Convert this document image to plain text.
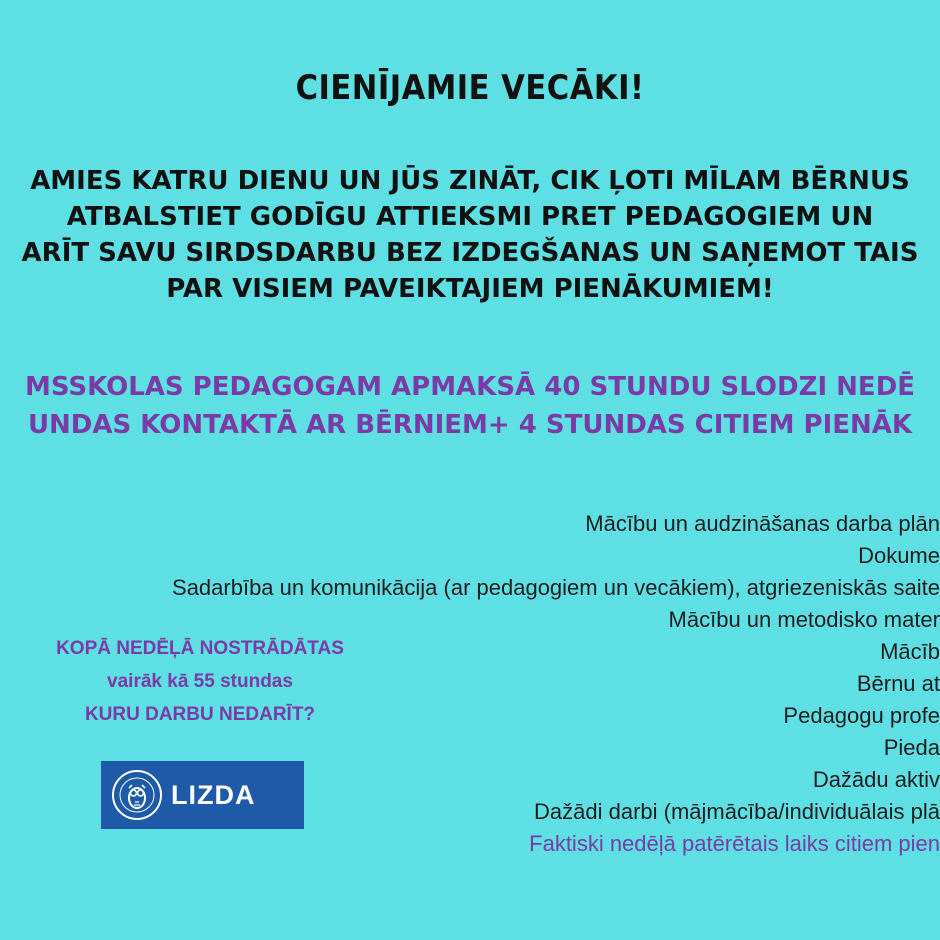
CIENĪJAMIE VECĀKI!
AMIES KATRU DIENU UN JŪS ZINĀT, CIK ĻOTI MĪLAM BĒRNUS
ATBALSTIET GODĪGU ATTIEKSMI PRET PEDAGOGIEM UN
ARĪT SAVU SIRDSDARBU BEZ IZDEGŠANAS UN SAŅEMOT TAIS
PAR VISIEM PAVEIKTAJIEM PIENĀKUMIEM!
MSSKOLAS PEDAGOGAM APMAKSĀ 40 STUNDU SLODZI NEDĒ
UNDAS KONTAKTĀ AR BĒRNIEM+ 4 STUNDAS CITIEM PIENĀK
Mācību un audzināšanas darba plān
Dokume
Sadarbība un komunikācija (ar pedagogiem un vecākiem), atgriezeniskās saite
Mācību un metodisko mater
Mācīb
Bērnu at
Pedagogu profe
Pieda
Dažādu aktiv
Dažādi darbi (mājmācība/individuālais plā
Faktiski nedēļā patērētais laiks citiem pien
KOPĀ NEDĒĻĀ NOSTRĀDĀTAS
vairāk kā 55 stundas
KURU DARBU NEDARĪT?
LIZDA
